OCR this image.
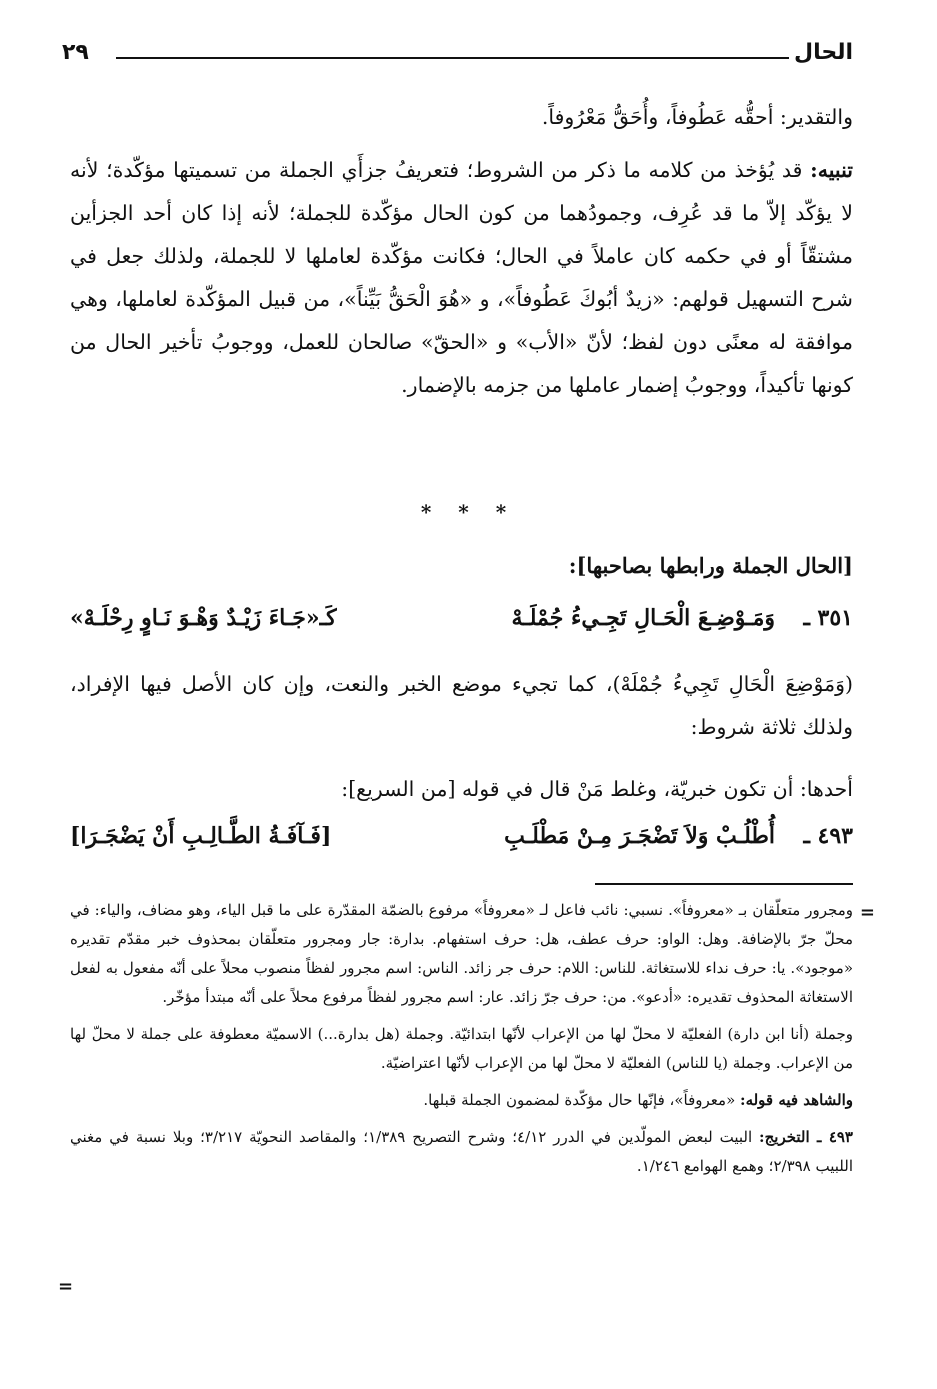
الحال
٢٩

والتقدير: أحقُّه عَطُوفاً، وأُحَقُّ مَعْرُوفاً.

تنبيه: قد يُؤخذ من كلامه ما ذكر من الشروط؛ فتعريفُ جزأَي الجملة من تسميتها مؤكّدة؛ لأنه لا يؤكّد إلاّ ما قد عُرِف، وجمودُهما من كون الحال مؤكّدة للجملة؛ لأنه إذا كان أحد الجزأين مشتقّاً أو في حكمه كان عاملاً في الحال؛ فكانت مؤكّدة لعاملها لا للجملة، ولذلك جعل في شرح التسهيل قولهم: «زيدٌ أبُوكَ عَطُوفاً»، و «هُوَ الْحَقُّ بَيِّناً»، من قبيل المؤكّدة لعاملها، وهي موافقة له معنًى دون لفظ؛ لأنّ «الأب» و «الحقّ» صالحان للعمل، ووجوبُ تأخير الحال من كونها تأكيداً، ووجوبُ إضمار عاملها من جزمه بالإضمار.

* * *
[الحال الجملة ورابطها بصاحبها]:
٣٥١ ـ
وَمَـوْضِـعَ الْحَـالِ تَجِـيءُ جُمْلَـهْ
كَـ«جَـاءَ زَيْـدٌ وَهْـوَ نَـاوٍ رِحْلَـهْ»

(وَمَوْضِعَ الْحَالِ تَجِيءُ جُمْلَهْ)، كما تجيء موضع الخبر والنعت، وإن كان الأصل فيها الإفراد، ولذلك ثلاثة شروط:

أحدها: أن تكون خبريّة، وغلط مَنْ قال في قوله [من السريع]:

٤٩٣ ـ
أُطْلُـبْ وَلاَ تَضْجَـرَ مِـنْ مَطْلَـبِ
[فَـآفَـةُ الطَّـالِـبِ أَنْ يَضْجَـرَا]
=

ومجرور متعلّقان بـ «معروفاً». نسبي: نائب فاعل لـ «معروفاً» مرفوع بالضمّة المقدّرة على ما قبل الياء، وهو مضاف، والياء: في محلّ جرّ بالإضافة. وهل: الواو: حرف عطف، هل: حرف استفهام. بدارة: جار ومجرور متعلّقان بمحذوف خبر مقدّم تقديره «موجود». يا: حرف نداء للاستغاثة. للناس: اللام: حرف جر زائد. الناس: اسم مجرور لفظاً منصوب محلاً على أنّه مفعول به لفعل الاستغاثة المحذوف تقديره: «أدعو». من: حرف جرّ زائد. عار: اسم مجرور لفظاً مرفوع محلاً على أنّه مبتدأ مؤخّر.

وجملة (أنا ابن دارة) الفعليّة لا محلّ لها من الإعراب لأنّها ابتدائيّة. وجملة (هل بدارة...) الاسميّة معطوفة على جملة لا محلّ لها من الإعراب. وجملة (يا للناس) الفعليّة لا محلّ لها من الإعراب لأنّها اعتراضيّة.

والشاهد فيه قوله: «معروفاً»، فإنّها حال مؤكّدة لمضمون الجملة قبلها.

٤٩٣ ـ التخريج: البيت لبعض المولّدين في الدرر ٤/١٢؛ وشرح التصريح ١/٣٨٩؛ والمقاصد النحويّة ٣/٢١٧؛ وبلا نسبة في مغني اللبيب ٢/٣٩٨؛ وهمع الهوامع ١/٢٤٦.

=
